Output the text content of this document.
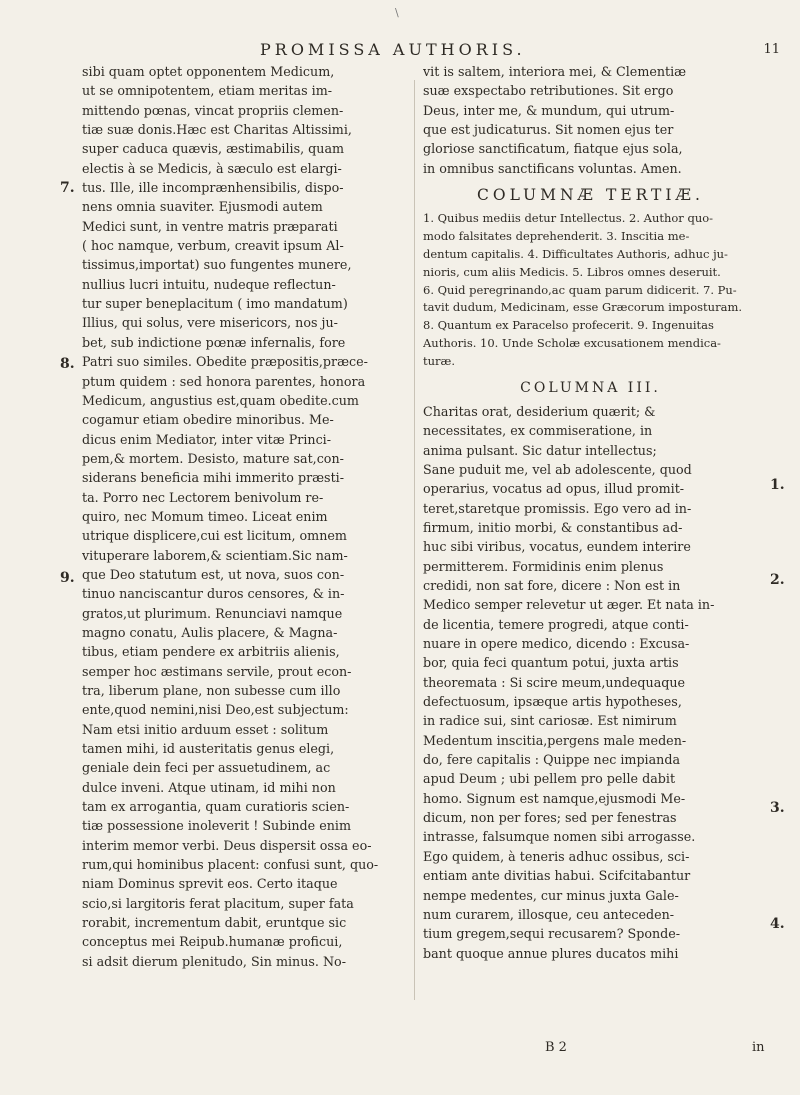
\
PROMISSA AUTHORIS.	11
sibi quam optet opponentem Medicum,
ut se omnipotentem, etiam meritas im-
mittendo pœnas, vincat propriis clemen-
tiæ suæ donis.Hæc est Charitas Altissimi,
super caduca quævis, æstimabilis, quam
electis à se Medicis, à sæculo est elargi-
tus. Ille, ille incomprænhensibilis, dispo-
nens omnia suaviter. Ejusmodi autem
Medici sunt, in ventre matris præparati
( hoc namque, verbum, creavit ipsum Al-
tissimus,importat) suo fungentes munere,
nullius lucri intuitu, nudeque reflectun-
tur super beneplacitum ( imo mandatum)
Illius, qui solus, vere misericors, nos ju-
bet, sub indictione pœnæ infernalis, fore
Patri suo similes. Obedite præpositis,præce-
ptum quidem : sed honora parentes, honora
Medicum, angustius est,quam obedite.cum
cogamur etiam obedire minoribus. Me-
dicus enim Mediator, inter vitæ Princi-
pem,& mortem. Desisto, mature sat,con-
siderans beneficia mihi immerito præsti-
ta. Porro nec Lectorem benivolum re-
quiro, nec Momum timeo. Liceat enim
utrique displicere,cui est licitum, omnem
vituperare laborem,& scientiam.Sic nam-
que Deo statutum est, ut nova, suos con-
tinuo nanciscantur duros censores, & in-
gratos,ut plurimum. Renunciavi namque
magno conatu, Aulis placere, & Magna-
tibus, etiam pendere ex arbitriis alienis,
semper hoc æstimans servile, prout econ-
tra, liberum plane, non subesse cum illo
ente,quod nemini,nisi Deo,est subjectum:
Nam etsi initio arduum esset : solitum
tamen mihi, id austeritatis genus elegi,
geniale dein feci per assuetudinem, ac
dulce inveni. Atque utinam, id mihi non
tam ex arrogantia, quam curatioris scien-
tiæ possessione inoleverit ! Subinde enim
interim memor verbi. Deus dispersit ossa eo-
rum,qui hominibus placent: confusi sunt, quo-
niam Dominus sprevit eos. Certo itaque
scio,si largitoris ferat placitum, super fata
rorabit, incrementum dabit, eruntque sic
conceptus mei Reipub.humanæ proficui,
si adsit dierum plenitudo, Sin minus. No-
7.
8.
9.
vit is saltem, interiora mei, & Clementiæ
suæ exspectabo retributiones. Sit ergo
Deus, inter me, & mundum, qui utrum-
que est judicaturus. Sit nomen ejus ter
gloriose sanctificatum, fiatque ejus sola,
in omnibus sanctificans voluntas. Amen.
COLUMNÆ TERTIÆ.
1. Quibus mediis detur Intellectus. 2. Author quo-
modo falsitates deprehenderit. 3. Inscitia me-
dentum capitalis. 4. Difficultates Authoris, adhuc ju-
nioris, cum aliis Medicis. 5. Libros omnes deseruit.
6. Quid peregrinando,ac quam parum didicerit. 7. Pu-
tavit dudum, Medicinam, esse Græcorum imposturam.
8. Quantum ex Paracelso profecerit. 9. Ingenuitas
Authoris. 10. Unde Scholæ excusationem mendica-
turæ.
COLUMNA III.
Charitas orat, desiderium quærit; &
necessitates, ex commiseratione, in
anima pulsant. Sic datur intellectus;
Sane puduit me, vel ab adolescente, quod
operarius, vocatus ad opus, illud promit-
teret,staretque promissis. Ego vero ad in-
firmum, initio morbi, & constantibus ad-
huc sibi viribus, vocatus, eundem interire
permitterem. Formidinis enim plenus
credidi, non sat fore, dicere : Non est in
Medico semper relevetur ut æger. Et nata in-
de licentia, temere progredi, atque conti-
nuare in opere medico, dicendo : Excusa-
bor, quia feci quantum potui, juxta artis
theoremata : Si scire meum,undequaque
defectuosum, ipsæque artis hypotheses,
in radice sui, sint cariosæ. Est nimirum
Medentum inscitia,pergens male meden-
do, fere capitalis : Quippe nec impianda
apud Deum ; ubi pellem pro pelle dabit
homo. Signum est namque,ejusmodi Me-
dicum, non per fores; sed per fenestras
intrasse, falsumque nomen sibi arrogasse.
Ego quidem, à teneris adhuc ossibus, sci-
entiam ante divitias habui. Scifcitabantur
nempe medentes, cur minus juxta Gale-
num curarem, illosque, ceu anteceden-
tium gregem,sequi recusarem? Sponde-
bant quoque annue plures ducatos mihi
1.
2.
3.
4.
B 2	in
